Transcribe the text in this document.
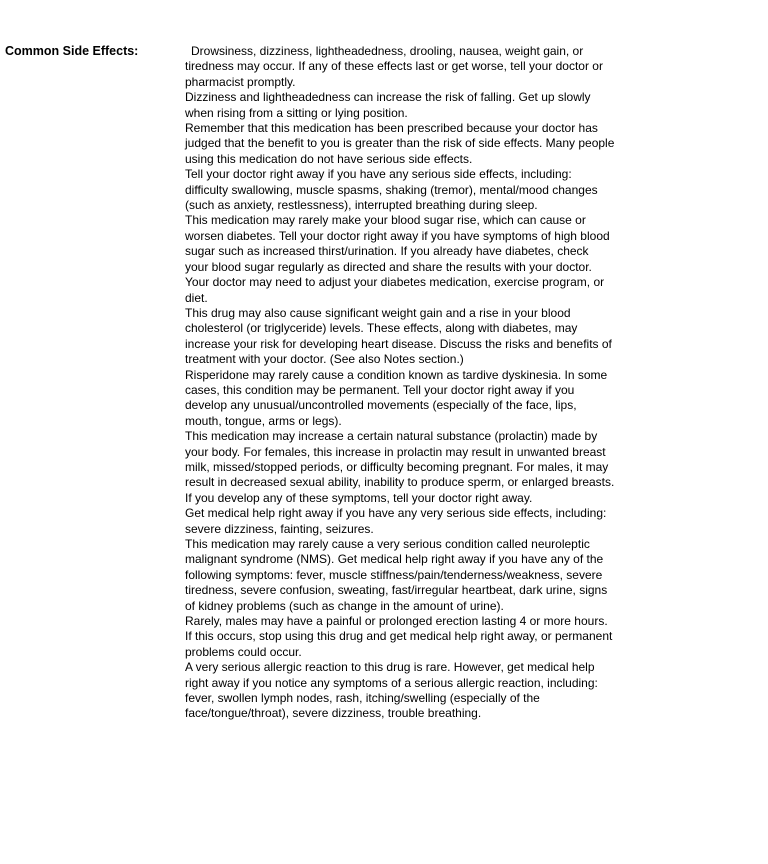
Common Side Effects:	Drowsiness, dizziness, lightheadedness, drooling, nausea, weight gain, or tiredness may occur. If any of these effects last or get worse, tell your doctor or pharmacist promptly.

Dizziness and lightheadedness can increase the risk of falling. Get up slowly when rising from a sitting or lying position.

Remember that this medication has been prescribed because your doctor has judged that the benefit to you is greater than the risk of side effects. Many people using this medication do not have serious side effects.

Tell your doctor right away if you have any serious side effects, including: difficulty swallowing, muscle spasms, shaking (tremor), mental/mood changes (such as anxiety, restlessness), interrupted breathing during sleep.

This medication may rarely make your blood sugar rise, which can cause or worsen diabetes. Tell your doctor right away if you have symptoms of high blood sugar such as increased thirst/urination. If you already have diabetes, check your blood sugar regularly as directed and share the results with your doctor. Your doctor may need to adjust your diabetes medication, exercise program, or diet.

This drug may also cause significant weight gain and a rise in your blood cholesterol (or triglyceride) levels. These effects, along with diabetes, may increase your risk for developing heart disease. Discuss the risks and benefits of treatment with your doctor. (See also Notes section.)

Risperidone may rarely cause a condition known as tardive dyskinesia. In some cases, this condition may be permanent. Tell your doctor right away if you develop any unusual/uncontrolled movements (especially of the face, lips, mouth, tongue, arms or legs).

This medication may increase a certain natural substance (prolactin) made by your body. For females, this increase in prolactin may result in unwanted breast milk, missed/stopped periods, or difficulty becoming pregnant. For males, it may result in decreased sexual ability, inability to produce sperm, or enlarged breasts. If you develop any of these symptoms, tell your doctor right away.

Get medical help right away if you have any very serious side effects, including: severe dizziness, fainting, seizures.

This medication may rarely cause a very serious condition called neuroleptic malignant syndrome (NMS). Get medical help right away if you have any of the following symptoms: fever, muscle stiffness/pain/tenderness/weakness, severe tiredness, severe confusion, sweating, fast/irregular heartbeat, dark urine, signs of kidney problems (such as change in the amount of urine).

Rarely, males may have a painful or prolonged erection lasting 4 or more hours. If this occurs, stop using this drug and get medical help right away, or permanent problems could occur.

A very serious allergic reaction to this drug is rare. However, get medical help right away if you notice any symptoms of a serious allergic reaction, including: fever, swollen lymph nodes, rash, itching/swelling (especially of the face/tongue/throat), severe dizziness, trouble breathing.
